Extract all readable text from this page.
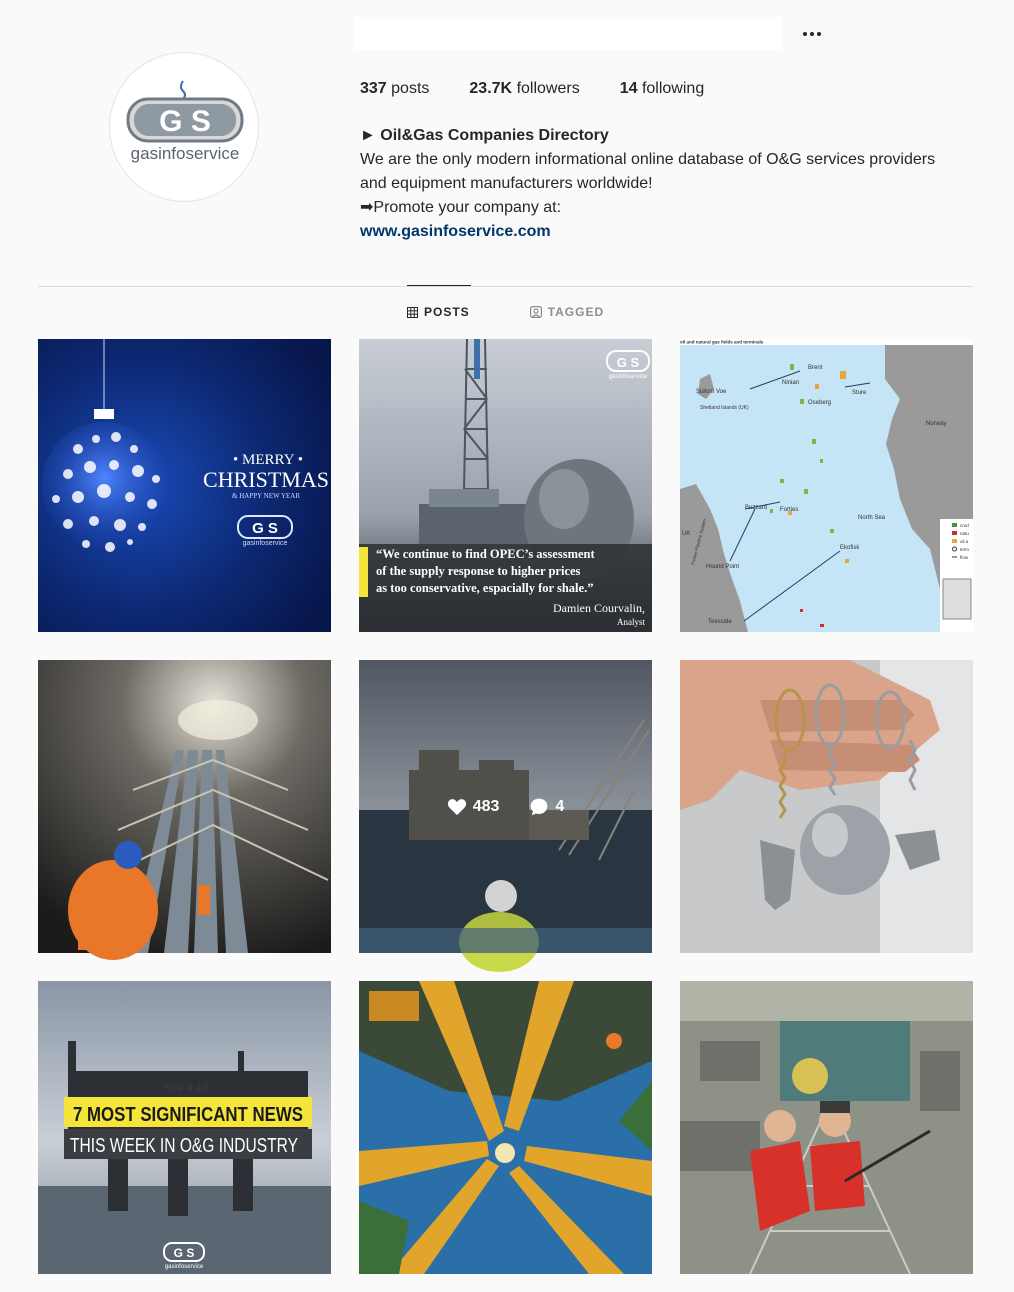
G S
gasinfoservice
337 posts	23.7K followers	14 following
► Oil&Gas Companies Directory
We are the only modern informational online database of O&G services providers and equipment manufacturers worldwide!
➡Promote your company at:
www.gasinfoservice.com
POSTS	TAGGED
• MERRY •
CHRISTMAS
& HAPPY NEW YEAR
G S
gasinfoservice
“We continue to find OPEC’s assessment
of the supply response to higher prices
as too conservative, espacially for shale.”
Damien Courvalin,
Analyst
G S
gasinfoservice
oil and natural gas fields and terminals
Sullom Voe
Shetland Islands (UK)
Ninian
Brent
Oseberg
Sture
Norway
Buzzard Forties
North Sea
UK
Ekofisk
Forties Pipeline System
Hound Point
Teesside
crud
natu
oil a
term
flow
483	4
Nov 4-10
7 MOST SIGNIFICANT NEWS
THIS WEEK IN O&G INDUSTRY
G S
gasinfoservice
